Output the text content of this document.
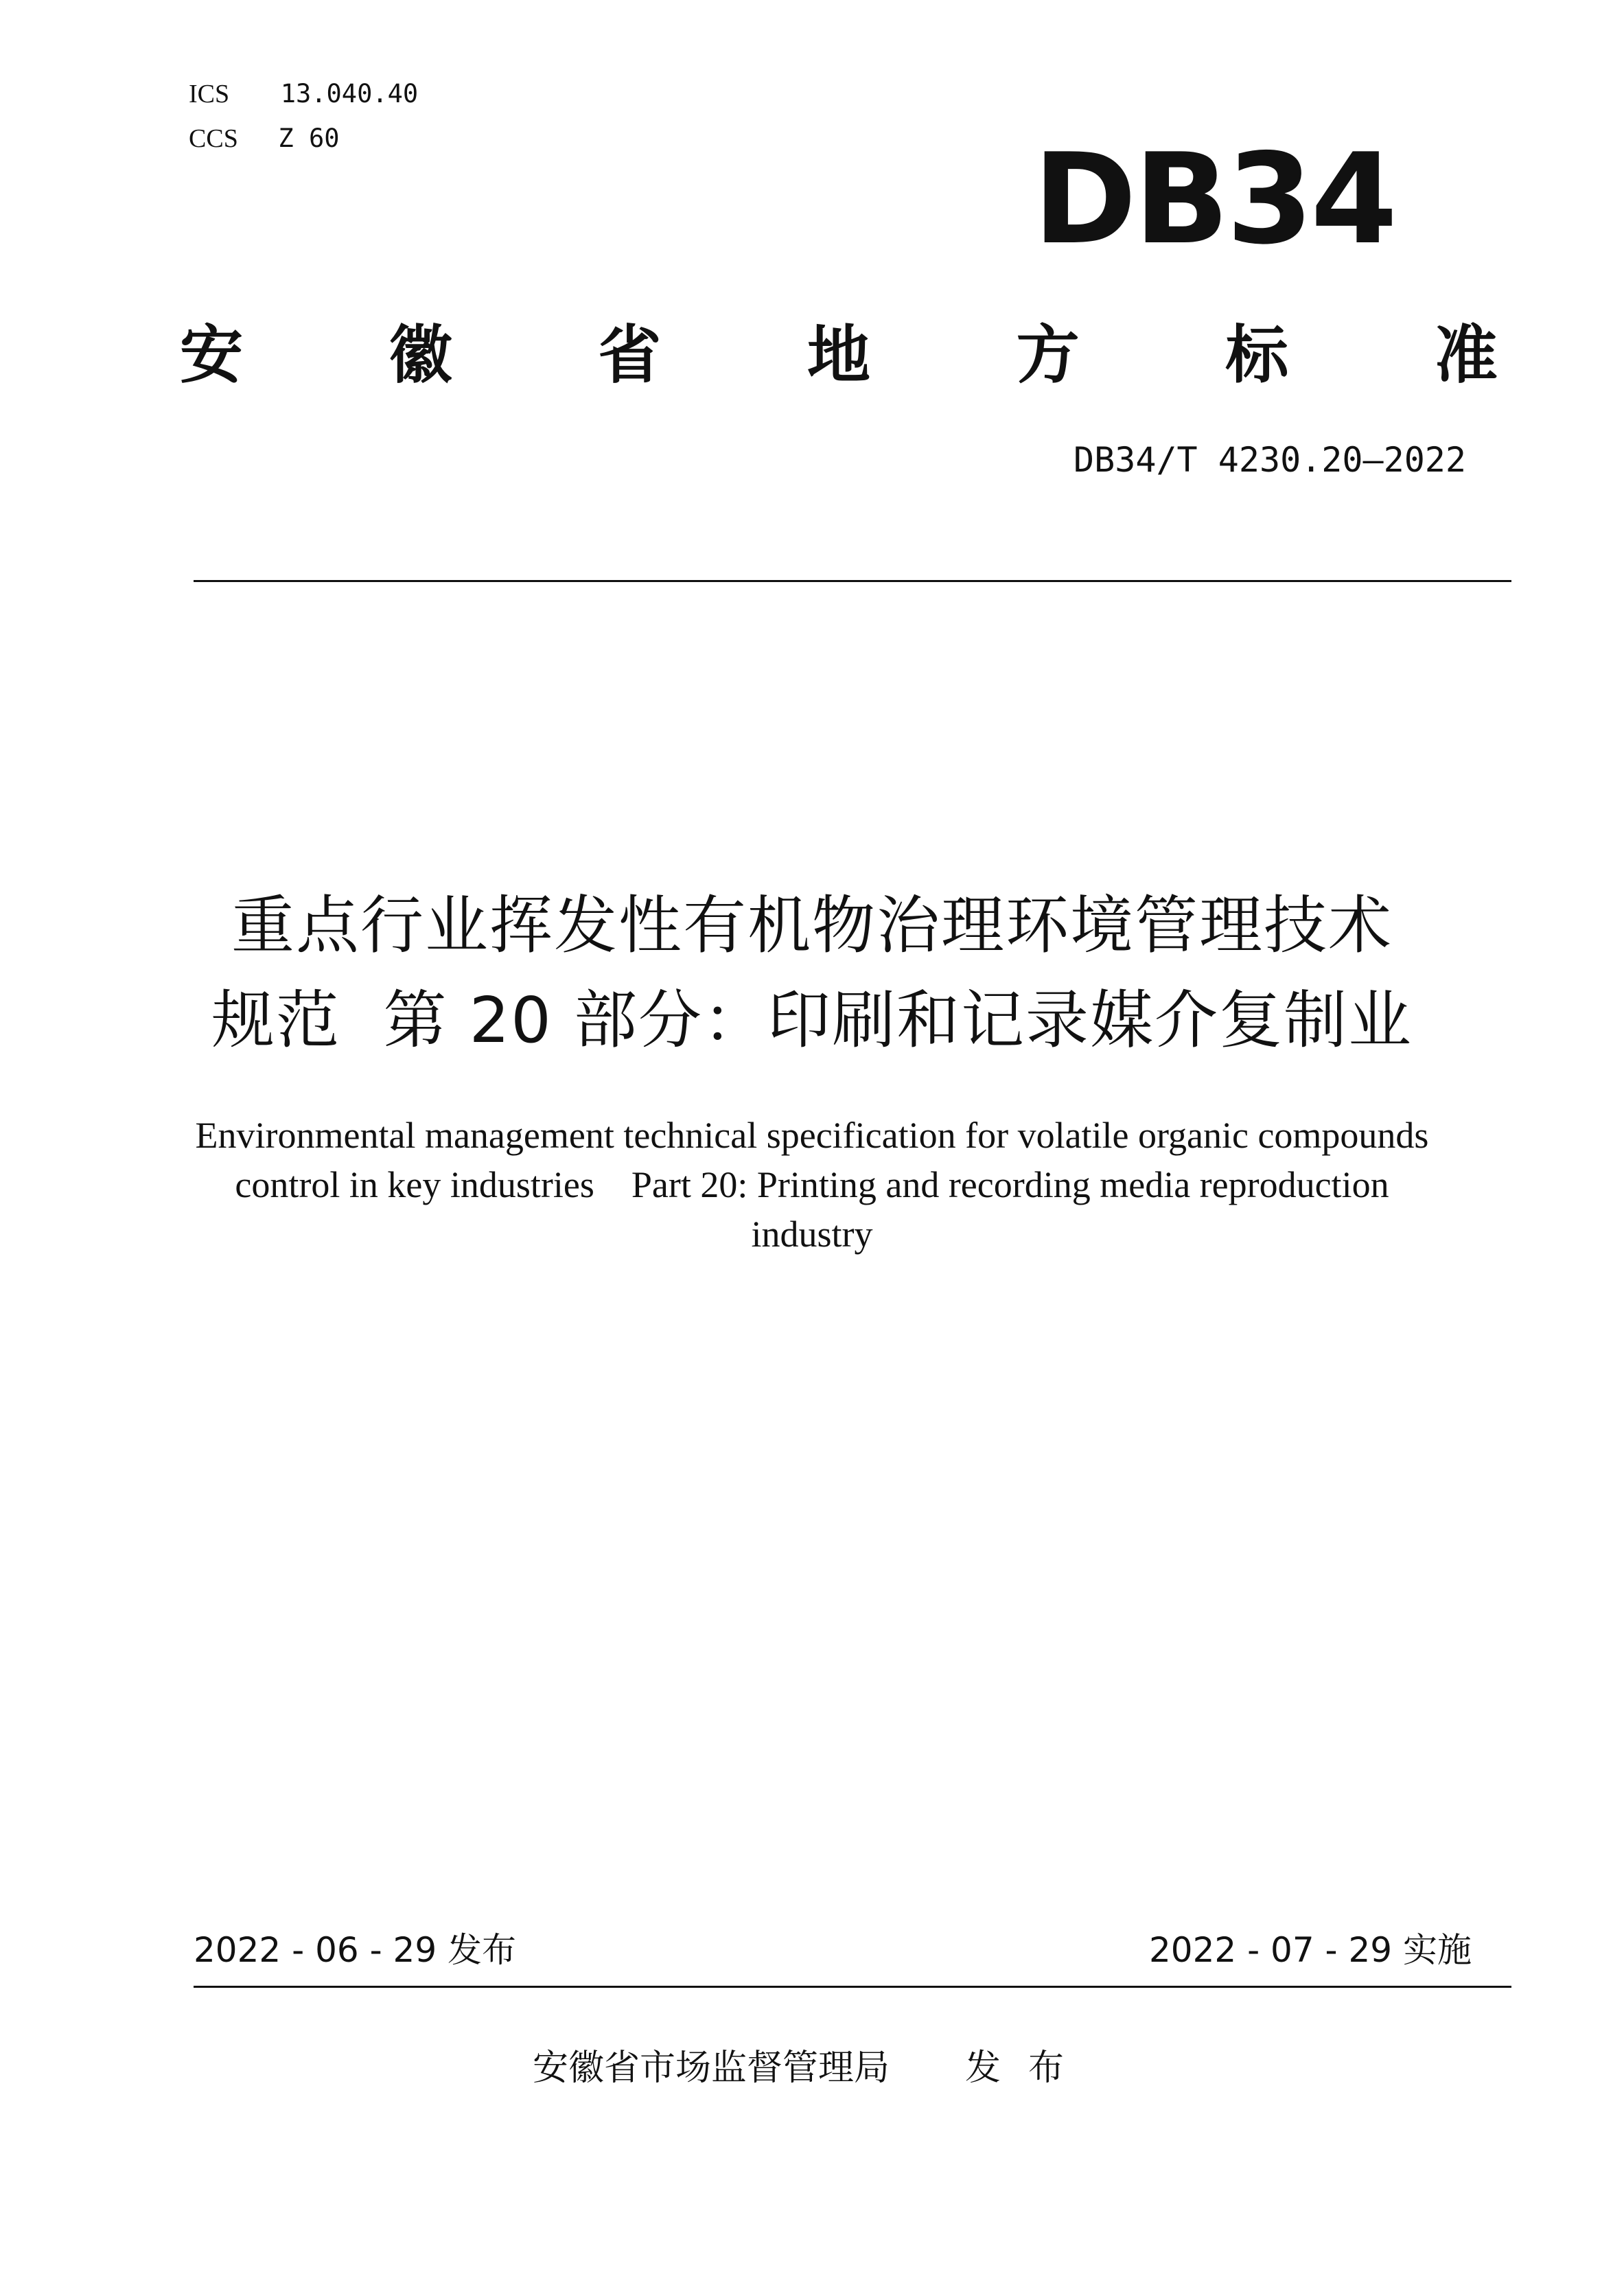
ICS 13.040.40
CCS Z 60	DB34
安 徽 省 地 方 标 准
DB34/T 4230.20—2022
重点行业挥发性有机物治理环境管理技术
规范  第 20 部分：印刷和记录媒介复制业
Environmental management technical specification for volatile organic compounds
control in key industries    Part 20: Printing and recording media reproduction
industry
2022 - 06 - 29 发布	2022 - 07 - 29 实施
安徽省市场监督管理局 发布
